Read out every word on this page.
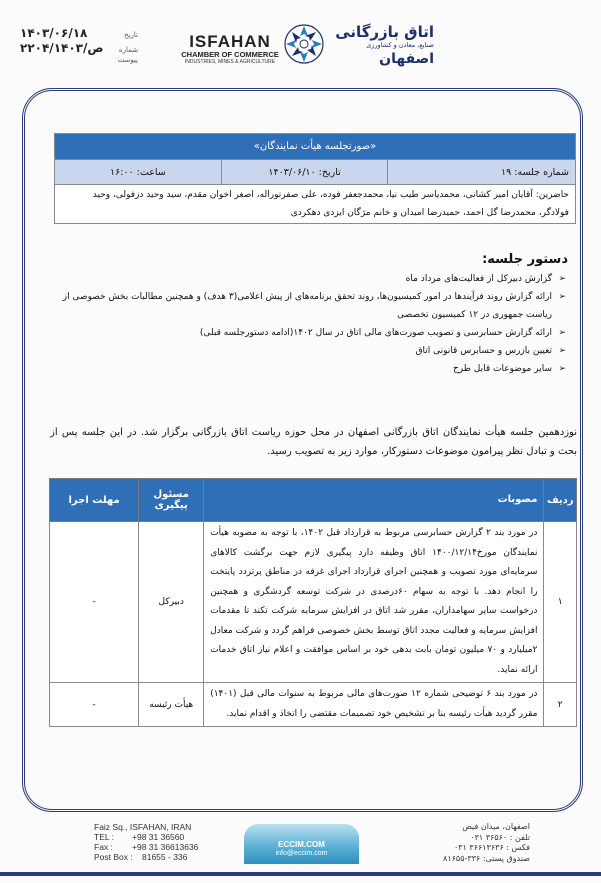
۱۴۰۳/۰۶/۱۸	تاریخ
۲۲۰۴/ص/۱۴۰۳ شماره
پیوست
ISFAHAN
CHAMBER OF COMMERCE
INDUSTRIES, MINES & AGRICULTURE
اتاق بازرگانی
صنایع، معادن و کشاورزی
اصفهان
«صورتجلسه هیأت نمایندگان»
شماره جلسه: ۱۹	تاریخ: ۱۴۰۳/۰۶/۱۰	ساعت: ۱۶:۰۰
حاضرین: آقایان امیر کشانی، محمدیاسر طیب نیا، محمدجعفر فوده، علی صفرنوراله، اصغر اخوان مقدم، سید وحید دزفولی، وحید فولادگر، محمدرضا گل احمد، حمیدرضا امیدان و خانم مژگان ایزدی دهکردی
دستور جلسه:
➢
گزارش دبیرکل از فعالیت‌های مرداد ماه
➢
ارائه گزارش روند فرآیندها در امور کمیسیون‌ها، روند تحقق برنامه‌های از پیش اعلامی(۳ هدف) و همچنین مطالبات بخش خصوصی از ریاست جمهوری در ۱۲ کمیسیون تخصصی
➢
ارائه گزارش حسابرسی و تصویب صورت‌های مالی اتاق در سال ۱۴۰۲(ادامه دستورجلسه قبلی)
➢
تعیین بازرس و حسابرس قانونی اتاق
➢
سایر موضوعات قابل طرح
نوزدهمین جلسه هیأت نمایندگان اتاق بازرگانی اصفهان در محل حوزه ریاست اتاق بازرگانی برگزار شد. در این جلسه پس از بحث و تبادل نظر پیرامون موضوعات دستورکار، موارد زیر به تصویب رسید.
ردیف	مصوبات	مسئول پیگیری	مهلت اجرا
۱	در مورد بند ۲ گزارش حسابرسی مربوط به قرارداد قبل ۱۴۰۲، با توجه به مصوبه هیأت نمایندگان مورخ۱۴۰۰/۱۲/۱۴ اتاق وظیفه دارد پیگیری لازم جهت برگشت کالاهای سرمایه‌ای مورد تصویب و همچنین اجرای قرارداد اجرای غرفه در مناطق پرتردد پایتخت را انجام دهد. با توجه به سهام ۶۰درصدی در شرکت توسعه گردشگری و همچنین درخواست سایر سهامداران، مقرر شد اتاق در افزایش سرمایه شرکت تکند تا مقدمات افزایش سرمایه و فعالیت مجدد اتاق توسط بخش خصوصی فراهم گردد و شرکت معادل ۲میلیارد و ۷۰ میلیون تومان بابت بدهی خود بر اساس موافقت و اعلام نیاز اتاق خدمات ارائه نماید.	دبیرکل	-
۲	در مورد بند ۶ توضیحی شماره ۱۲ صورت‌های مالی مربوط به سنوات مالی قبل (۱۴۰۱) مقرر گردید هیأت رئیسه بنا بر تشخیص خود تصمیمات مقتضی را اتخاذ و اقدام نماید.	هیأت رئیسه	-
Faiz Sq., ISFAHAN, IRAN
TEL :	+98 31 36560
Fax :	+98 31 36613636
Post Box :	81655 - 336
ECCIM.COM
info@eccim.com
اصفهان، میدان فیض
تلفن : ۳۶۵۶۰ ۰۳۱
فکس : ۳۶۶۱۳۶۳۶ ۰۳۱
صندوق پستی: ۳۳۶-۸۱۶۵۵
